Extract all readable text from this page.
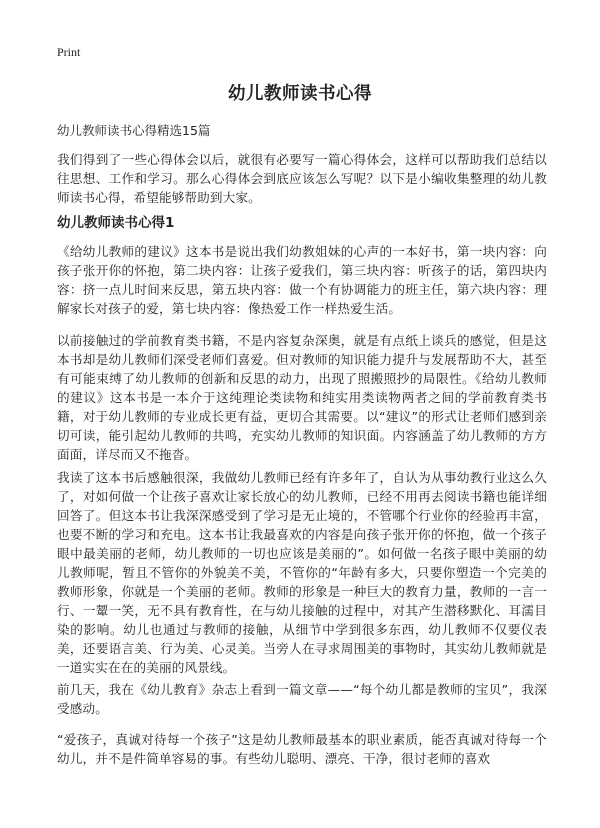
Print
幼儿教师读书心得

幼儿教师读书心得精选15篇

我们得到了一些心得体会以后，就很有必要写一篇心得体会，这样可以帮助我们总结以往思想、工作和学习。那么心得体会到底应该怎么写呢？以下是小编收集整理的幼儿教师读书心得，希望能够帮助到大家。

幼儿教师读书心得1

《给幼儿教师的建议》这本书是说出我们幼教姐妹的心声的一本好书，第一块内容：向孩子张开你的怀抱，第二块内容：让孩子爱我们，第三块内容：听孩子的话，第四块内容：挤一点儿时间来反思，第五块内容：做一个有协调能力的班主任，第六块内容：理解家长对孩子的爱，第七块内容：像热爱工作一样热爱生活。

以前接触过的学前教育类书籍，不是内容复杂深奥，就是有点纸上谈兵的感觉，但是这本书却是幼儿教师们深受老师们喜爱。但对教师的知识能力提升与发展帮助不大，甚至有可能束缚了幼儿教师的创新和反思的动力，出现了照搬照抄的局限性。《给幼儿教师的建议》这本书是一本介于这纯理论类读物和纯实用类读物两者之间的学前教育类书籍，对于幼儿教师的专业成长更有益，更切合其需要。以“建议”的形式让老师们感到亲切可读，能引起幼儿教师的共鸣，充实幼儿教师的知识面。内容涵盖了幼儿教师的方方面面，详尽而又不拖沓。

我读了这本书后感触很深，我做幼儿教师已经有许多年了，自认为从事幼教行业这么久了，对如何做一个让孩子喜欢让家长放心的幼儿教师，已经不用再去阅读书籍也能详细回答了。但这本书让我深深感受到了学习是无止境的，不管哪个行业你的经验再丰富，也要不断的学习和充电。这本书让我最喜欢的内容是向孩子张开你的怀抱，做一个孩子眼中最美丽的老师，幼儿教师的一切也应该是美丽的”。如何做一名孩子眼中美丽的幼儿教师呢，暂且不管你的外貌美不美，不管你的“年龄有多大，只要你塑造一个完美的教师形象，你就是一个美丽的老师。教师的形象是一种巨大的教育力量，教师的一言一行、一颦一笑，无不具有教育性，在与幼儿接触的过程中，对其产生潜移默化、耳濡目染的影响。幼儿也通过与教师的接触，从细节中学到很多东西，幼儿教师不仅要仪表美，还要语言美、行为美、心灵美。当旁人在寻求周围美的事物时，其实幼儿教师就是一道实实在在的美丽的风景线。

前几天，我在《幼儿教育》杂志上看到一篇文章——“每个幼儿都是教师的宝贝”，我深受感动。

“爱孩子，真诚对待每一个孩子”这是幼儿教师最基本的职业素质，能否真诚对待每一个幼儿，并不是件简单容易的事。有些幼儿聪明、漂亮、干净，很讨老师的喜欢
